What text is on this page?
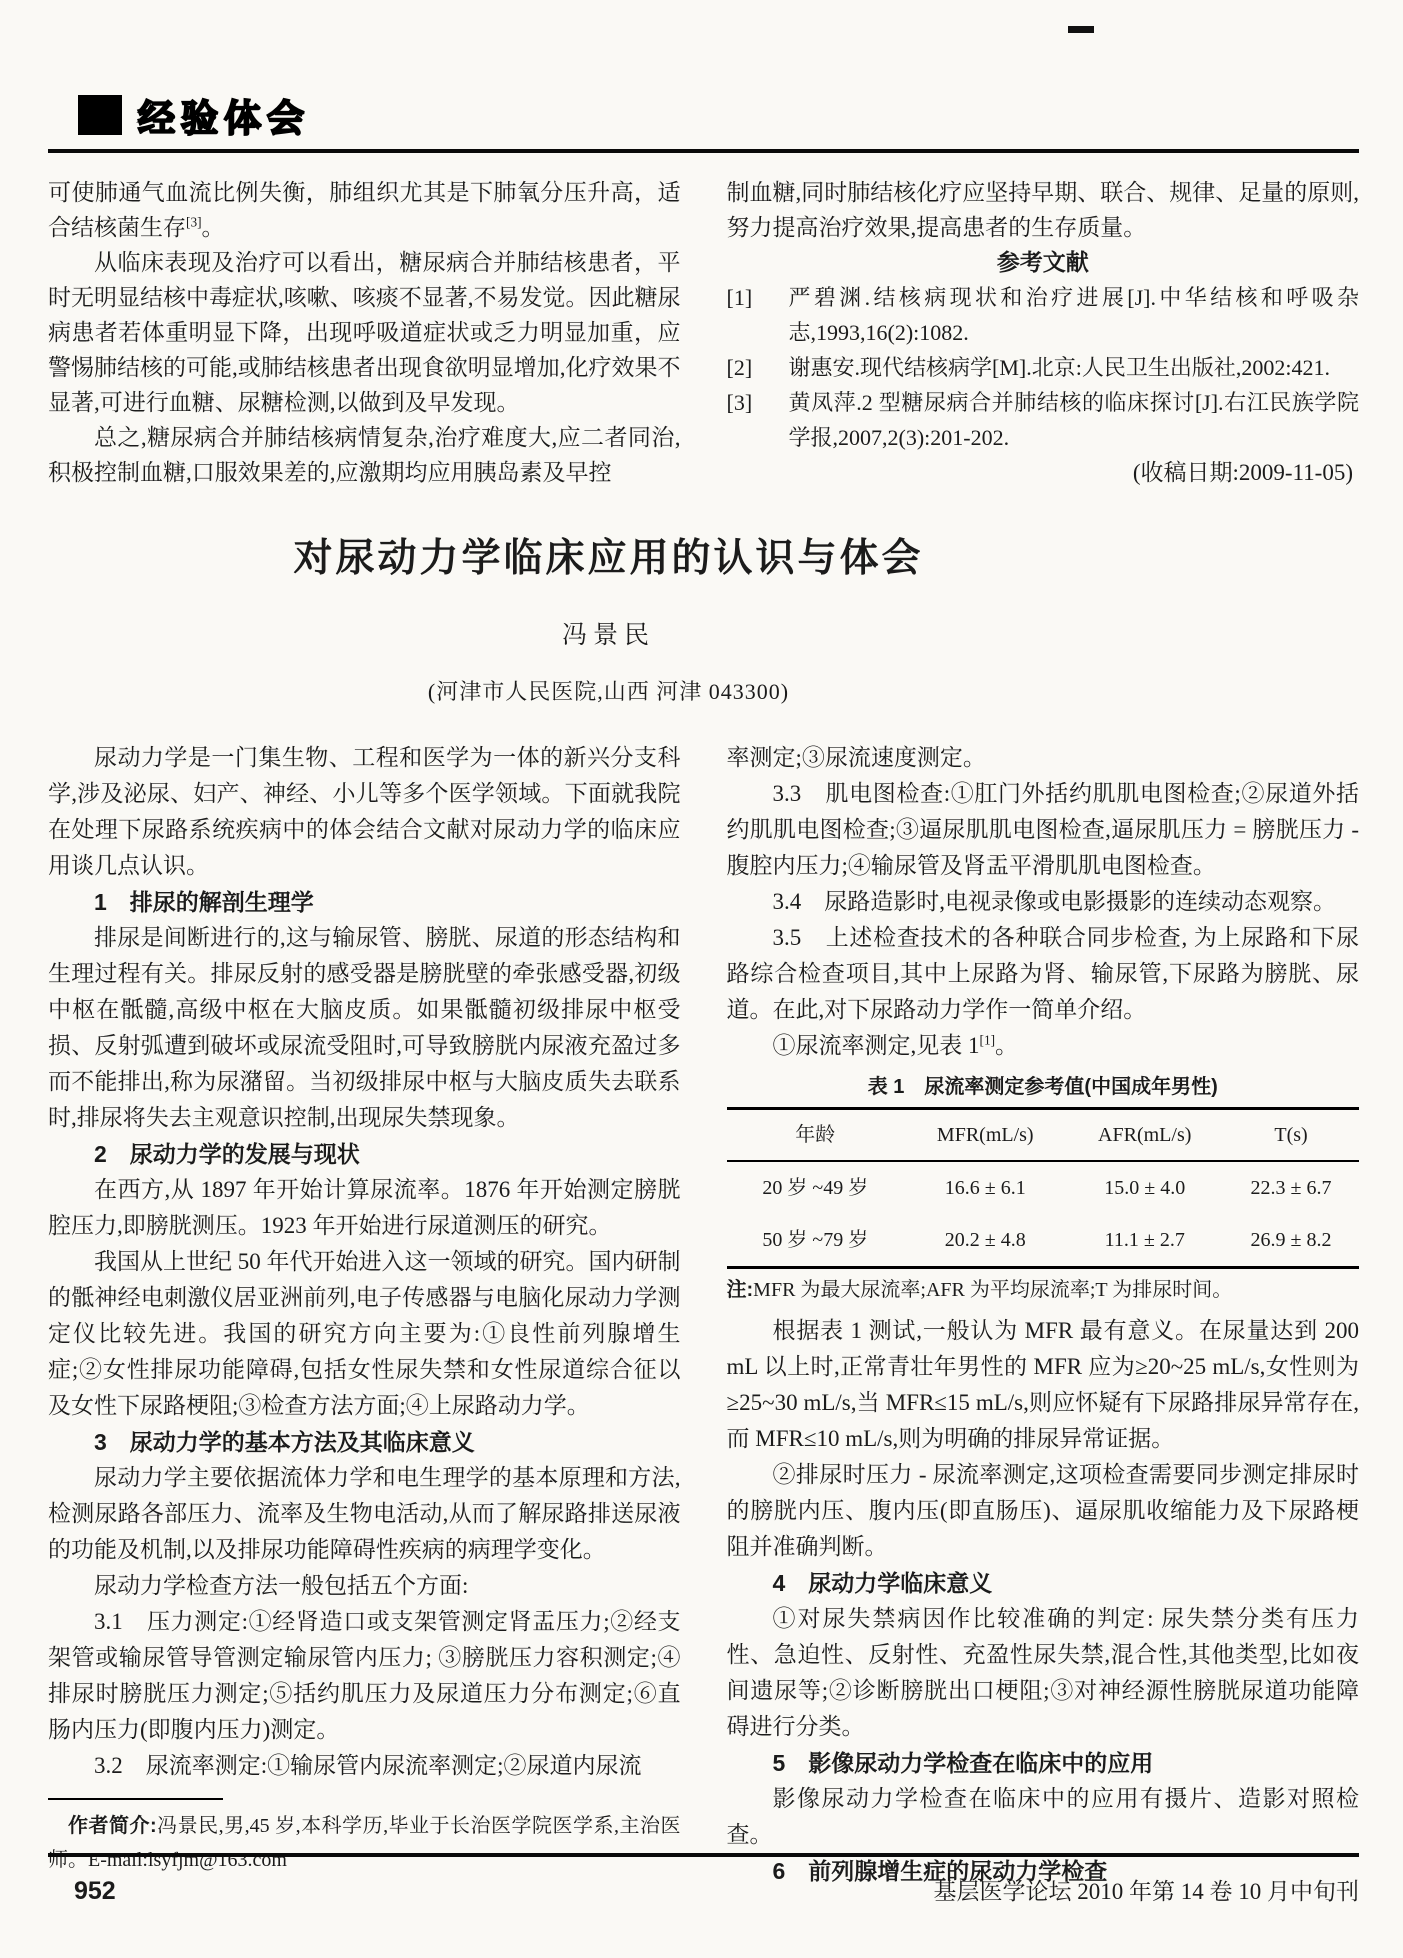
经验体会

可使肺通气血流比例失衡，肺组织尤其是下肺氧分压升高，适合结核菌生存[3]。

从临床表现及治疗可以看出，糖尿病合并肺结核患者，平时无明显结核中毒症状,咳嗽、咳痰不显著,不易发觉。因此糖尿病患者若体重明显下降，出现呼吸道症状或乏力明显加重，应警惕肺结核的可能,或肺结核患者出现食欲明显增加,化疗效果不显著,可进行血糖、尿糖检测,以做到及早发现。

总之,糖尿病合并肺结核病情复杂,治疗难度大,应二者同治,积极控制血糖,口服效果差的,应激期均应用胰岛素及早控

制血糖,同时肺结核化疗应坚持早期、联合、规律、足量的原则,努力提高治疗效果,提高患者的生存质量。

参考文献
[1]	严碧渊.结核病现状和治疗进展[J].中华结核和呼吸杂志,1993,16(2):1082.
[2]	谢惠安.现代结核病学[M].北京:人民卫生出版社,2002:421.
[3]	黄凤萍.2 型糖尿病合并肺结核的临床探讨[J].右江民族学院学报,2007,2(3):201-202.

(收稿日期:2009-11-05)

对尿动力学临床应用的认识与体会
冯景民
(河津市人民医院,山西 河津 043300)

尿动力学是一门集生物、工程和医学为一体的新兴分支科学,涉及泌尿、妇产、神经、小儿等多个医学领域。下面就我院在处理下尿路系统疾病中的体会结合文献对尿动力学的临床应用谈几点认识。

1　排尿的解剖生理学

排尿是间断进行的,这与输尿管、膀胱、尿道的形态结构和生理过程有关。排尿反射的感受器是膀胱壁的牵张感受器,初级中枢在骶髓,高级中枢在大脑皮质。如果骶髓初级排尿中枢受损、反射弧遭到破坏或尿流受阻时,可导致膀胱内尿液充盈过多而不能排出,称为尿潴留。当初级排尿中枢与大脑皮质失去联系时,排尿将失去主观意识控制,出现尿失禁现象。

2　尿动力学的发展与现状

在西方,从 1897 年开始计算尿流率。1876 年开始测定膀胱腔压力,即膀胱测压。1923 年开始进行尿道测压的研究。

我国从上世纪 50 年代开始进入这一领域的研究。国内研制的骶神经电刺激仪居亚洲前列,电子传感器与电脑化尿动力学测定仪比较先进。我国的研究方向主要为:①良性前列腺增生症;②女性排尿功能障碍,包括女性尿失禁和女性尿道综合征以及女性下尿路梗阻;③检查方法方面;④上尿路动力学。

3　尿动力学的基本方法及其临床意义

尿动力学主要依据流体力学和电生理学的基本原理和方法,检测尿路各部压力、流率及生物电活动,从而了解尿路排送尿液的功能及机制,以及排尿功能障碍性疾病的病理学变化。

尿动力学检查方法一般包括五个方面:

3.1　压力测定:①经肾造口或支架管测定肾盂压力;②经支架管或输尿管导管测定输尿管内压力; ③膀胱压力容积测定;④排尿时膀胱压力测定;⑤括约肌压力及尿道压力分布测定;⑥直肠内压力(即腹内压力)测定。

3.2　尿流率测定:①输尿管内尿流率测定;②尿道内尿流

作者简介:冯景民,男,45 岁,本科学历,毕业于长治医学院医学系,主治医师。E-mail:lsyfjm@163.com

率测定;③尿流速度测定。

3.3　肌电图检查:①肛门外括约肌肌电图检查;②尿道外括约肌肌电图检查;③逼尿肌肌电图检查,逼尿肌压力 = 膀胱压力 - 腹腔内压力;④输尿管及肾盂平滑肌肌电图检查。

3.4　尿路造影时,电视录像或电影摄影的连续动态观察。

3.5　上述检查技术的各种联合同步检查, 为上尿路和下尿路综合检查项目,其中上尿路为肾、输尿管,下尿路为膀胱、尿道。在此,对下尿路动力学作一简单介绍。

①尿流率测定,见表 1[1]。

表 1　尿流率测定参考值(中国成年男性)
年龄	MFR(mL/s)	AFR(mL/s)	T(s)
20 岁 ~49 岁	16.6 ± 6.1	15.0 ± 4.0	22.3 ± 6.7
50 岁 ~79 岁	20.2 ± 4.8	11.1 ± 2.7	26.9 ± 8.2

注:MFR 为最大尿流率;AFR 为平均尿流率;T 为排尿时间。

根据表 1 测试,一般认为 MFR 最有意义。在尿量达到 200 mL 以上时,正常青壮年男性的 MFR 应为≥20~25 mL/s,女性则为≥25~30 mL/s,当 MFR≤15 mL/s,则应怀疑有下尿路排尿异常存在,而 MFR≤10 mL/s,则为明确的排尿异常证据。

②排尿时压力 - 尿流率测定,这项检查需要同步测定排尿时的膀胱内压、腹内压(即直肠压)、逼尿肌收缩能力及下尿路梗阻并准确判断。

4　尿动力学临床意义

①对尿失禁病因作比较准确的判定: 尿失禁分类有压力性、急迫性、反射性、充盈性尿失禁,混合性,其他类型,比如夜间遗尿等;②诊断膀胱出口梗阻;③对神经源性膀胱尿道功能障碍进行分类。

5　影像尿动力学检查在临床中的应用

影像尿动力学检查在临床中的应用有摄片、造影对照检查。

6　前列腺增生症的尿动力学检查

952	基层医学论坛 2010 年第 14 卷 10 月中旬刊
